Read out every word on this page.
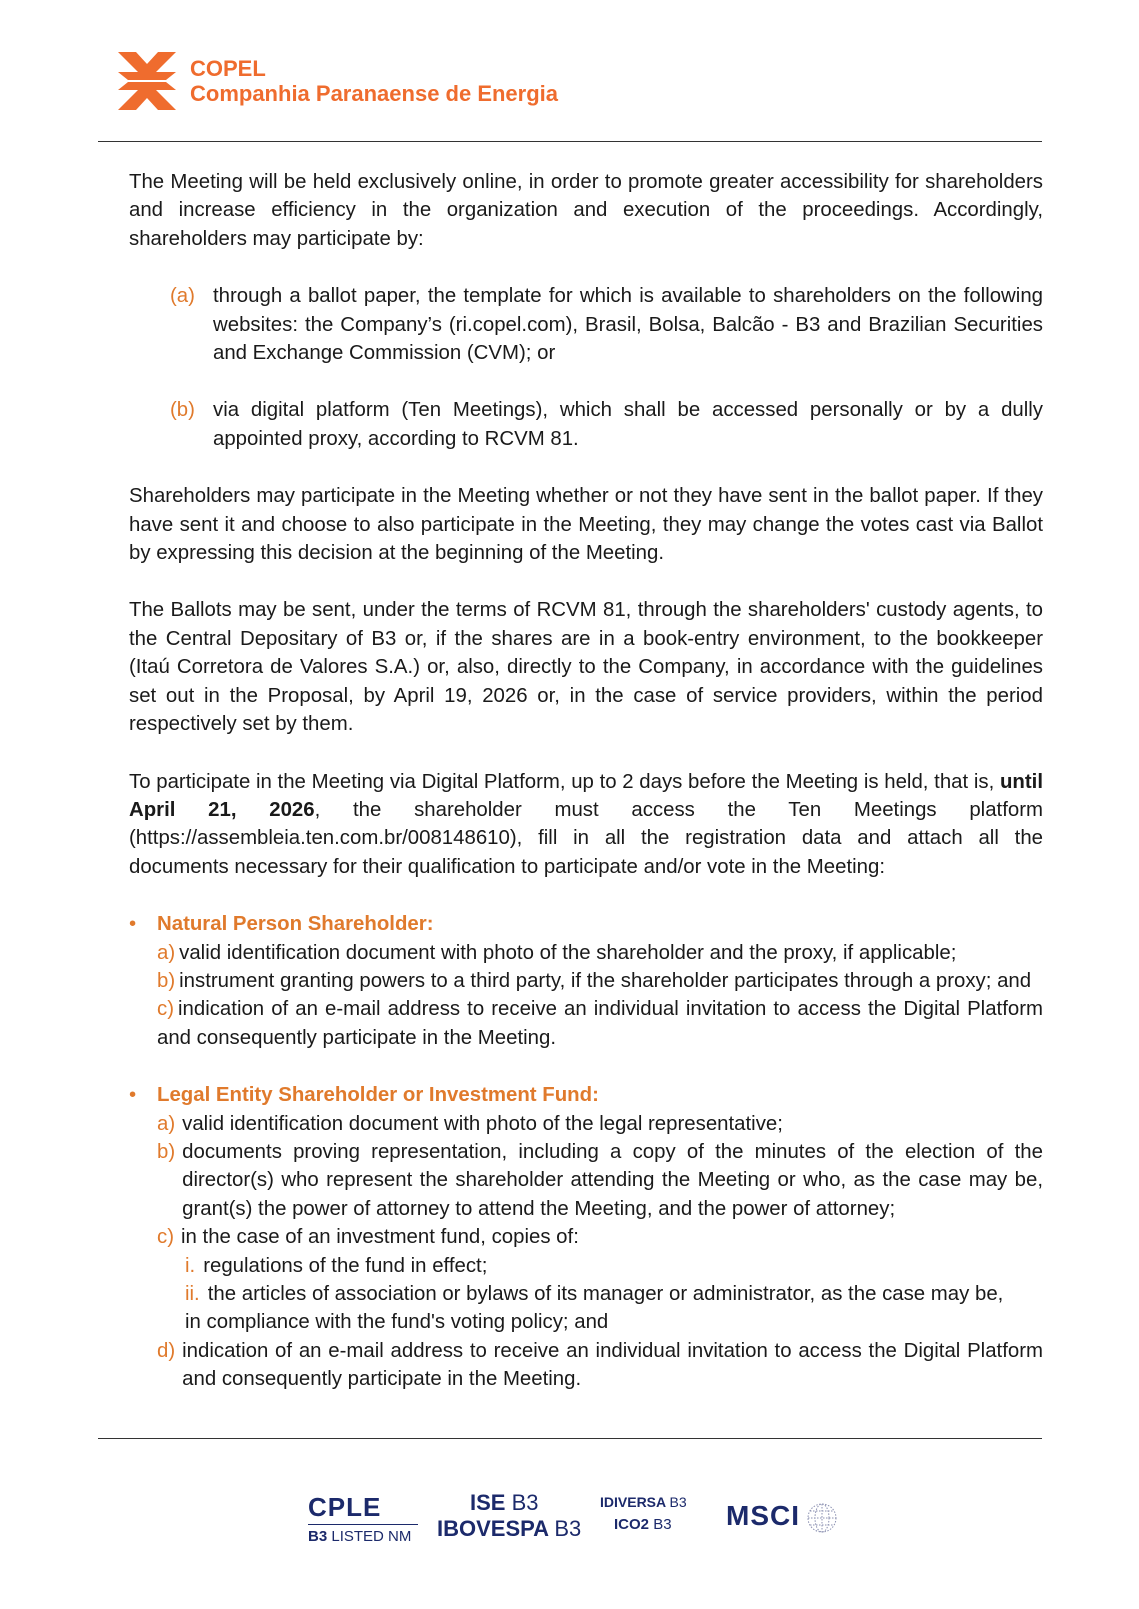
COPEL
Companhia Paranaense de Energia

The Meeting will be held exclusively online, in order to promote greater accessibility for shareholders and increase efficiency in the organization and execution of the proceedings. Accordingly, shareholders may participate by:

(a) through a ballot paper, the template for which is available to shareholders on the following websites: the Company’s (ri.copel.com), Brasil, Bolsa, Balcão - B3 and Brazilian Securities and Exchange Commission (CVM); or
(b) via digital platform (Ten Meetings), which shall be accessed personally or by a dully appointed proxy, according to RCVM 81.

Shareholders may participate in the Meeting whether or not they have sent in the ballot paper. If they have sent it and choose to also participate in the Meeting, they may change the votes cast via Ballot by expressing this decision at the beginning of the Meeting.

The Ballots may be sent, under the terms of RCVM 81, through the shareholders' custody agents, to the Central Depositary of B3 or, if the shares are in a book-entry environment, to the bookkeeper (Itaú Corretora de Valores S.A.) or, also, directly to the Company, in accordance with the guidelines set out in the Proposal, by April 19, 2026 or, in the case of service providers, within the period respectively set by them.

To participate in the Meeting via Digital Platform, up to 2 days before the Meeting is held, that is, until April 21, 2026, the shareholder must access the Ten Meetings platform (https://assembleia.ten.com.br/008148610), fill in all the registration data and attach all the documents necessary for their qualification to participate and/or vote in the Meeting:

•	Natural Person Shareholder:
a) valid identification document with photo of the shareholder and the proxy, if applicable;
b) instrument granting powers to a third party, if the shareholder participates through a proxy; and
c) indication of an e-mail address to receive an individual invitation to access the Digital Platform and consequently participate in the Meeting.
•	Legal Entity Shareholder or Investment Fund:
a) valid identification document with photo of the legal representative;
b) documents proving representation, including a copy of the minutes of the election of the director(s) who represent the shareholder attending the Meeting or who, as the case may be, grant(s) the power of attorney to attend the Meeting, and the power of attorney;
c) in the case of an investment fund, copies of:
i. regulations of the fund in effect;
ii. the articles of association or bylaws of its manager or administrator, as the case may be,
in compliance with the fund's voting policy; and
d) indication of an e-mail address to receive an individual invitation to access the Digital Platform and consequently participate in the Meeting.
CPLE
B3 LISTED NM
ISE B3
IBOVESPA B3
IDIVERSA B3
ICO2 B3 MSCI
